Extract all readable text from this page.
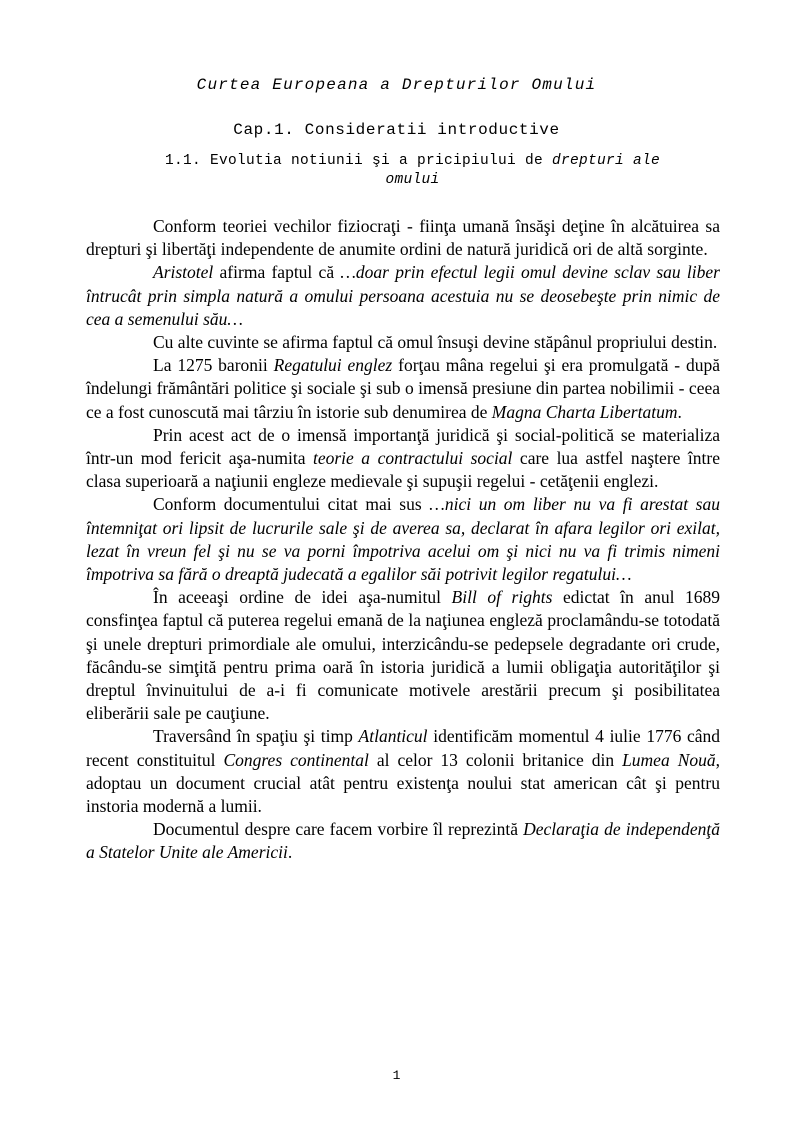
Curtea Europeana a Drepturilor Omului
Cap.1. Consideratii introductive
1.1. Evolutia notiunii şi a pricipiului de drepturi ale omului

Conform teoriei vechilor fiziocraţi - fiinţa umană însăşi deţine în alcătuirea sa drepturi şi libertăţi independente de anumite ordini de natură juridică ori de altă sorginte.

Aristotel afirma faptul că …doar prin efectul legii omul devine sclav sau liber întrucât prin simpla natură a omului persoana acestuia nu se deosebeşte prin nimic de cea a semenului său…

Cu alte cuvinte se afirma faptul că omul însuşi devine stăpânul propriului destin.

La 1275 baronii Regatului englez forţau mâna regelui şi era promulgată - după îndelungi frământări politice şi sociale şi sub o imensă presiune din partea nobilimii - ceea ce a fost cunoscută mai târziu în istorie sub denumirea de Magna Charta Libertatum.

Prin acest act de o imensă importanţă juridică şi social-politică se materializa într-un mod fericit aşa-numita teorie a contractului social care lua astfel naştere între clasa superioară a naţiunii engleze medievale şi supuşii regelui - cetăţenii englezi.

Conform documentului citat mai sus …nici un om liber nu va fi arestat sau întemniţat ori lipsit de lucrurile sale şi de averea sa, declarat în afara legilor ori exilat, lezat în vreun fel şi nu se va porni împotriva acelui om şi nici nu va fi trimis nimeni împotriva sa fără o dreaptă judecată a egalilor săi potrivit legilor regatului…

În aceeaşi ordine de idei aşa-numitul Bill of rights edictat în anul 1689 consfinţea faptul că puterea regelui emană de la naţiunea engleză proclamându-se totodată şi unele drepturi primordiale ale omului, interzicându-se pedepsele degradante ori crude, făcându-se simţită pentru prima oară în istoria juridică a lumii obligaţia autorităţilor şi dreptul învinuitului de a-i fi comunicate motivele arestării precum şi posibilitatea eliberării sale pe cauţiune.

Traversând în spaţiu şi timp Atlanticul identificăm momentul 4 iulie 1776 când recent constituitul Congres continental al celor 13 colonii britanice din Lumea Nouă, adoptau un document crucial atât pentru existenţa noului stat american cât şi pentru instoria modernă a lumii.

Documentul despre care facem vorbire îl reprezintă Declaraţia de independenţă a Statelor Unite ale Americii.

1
